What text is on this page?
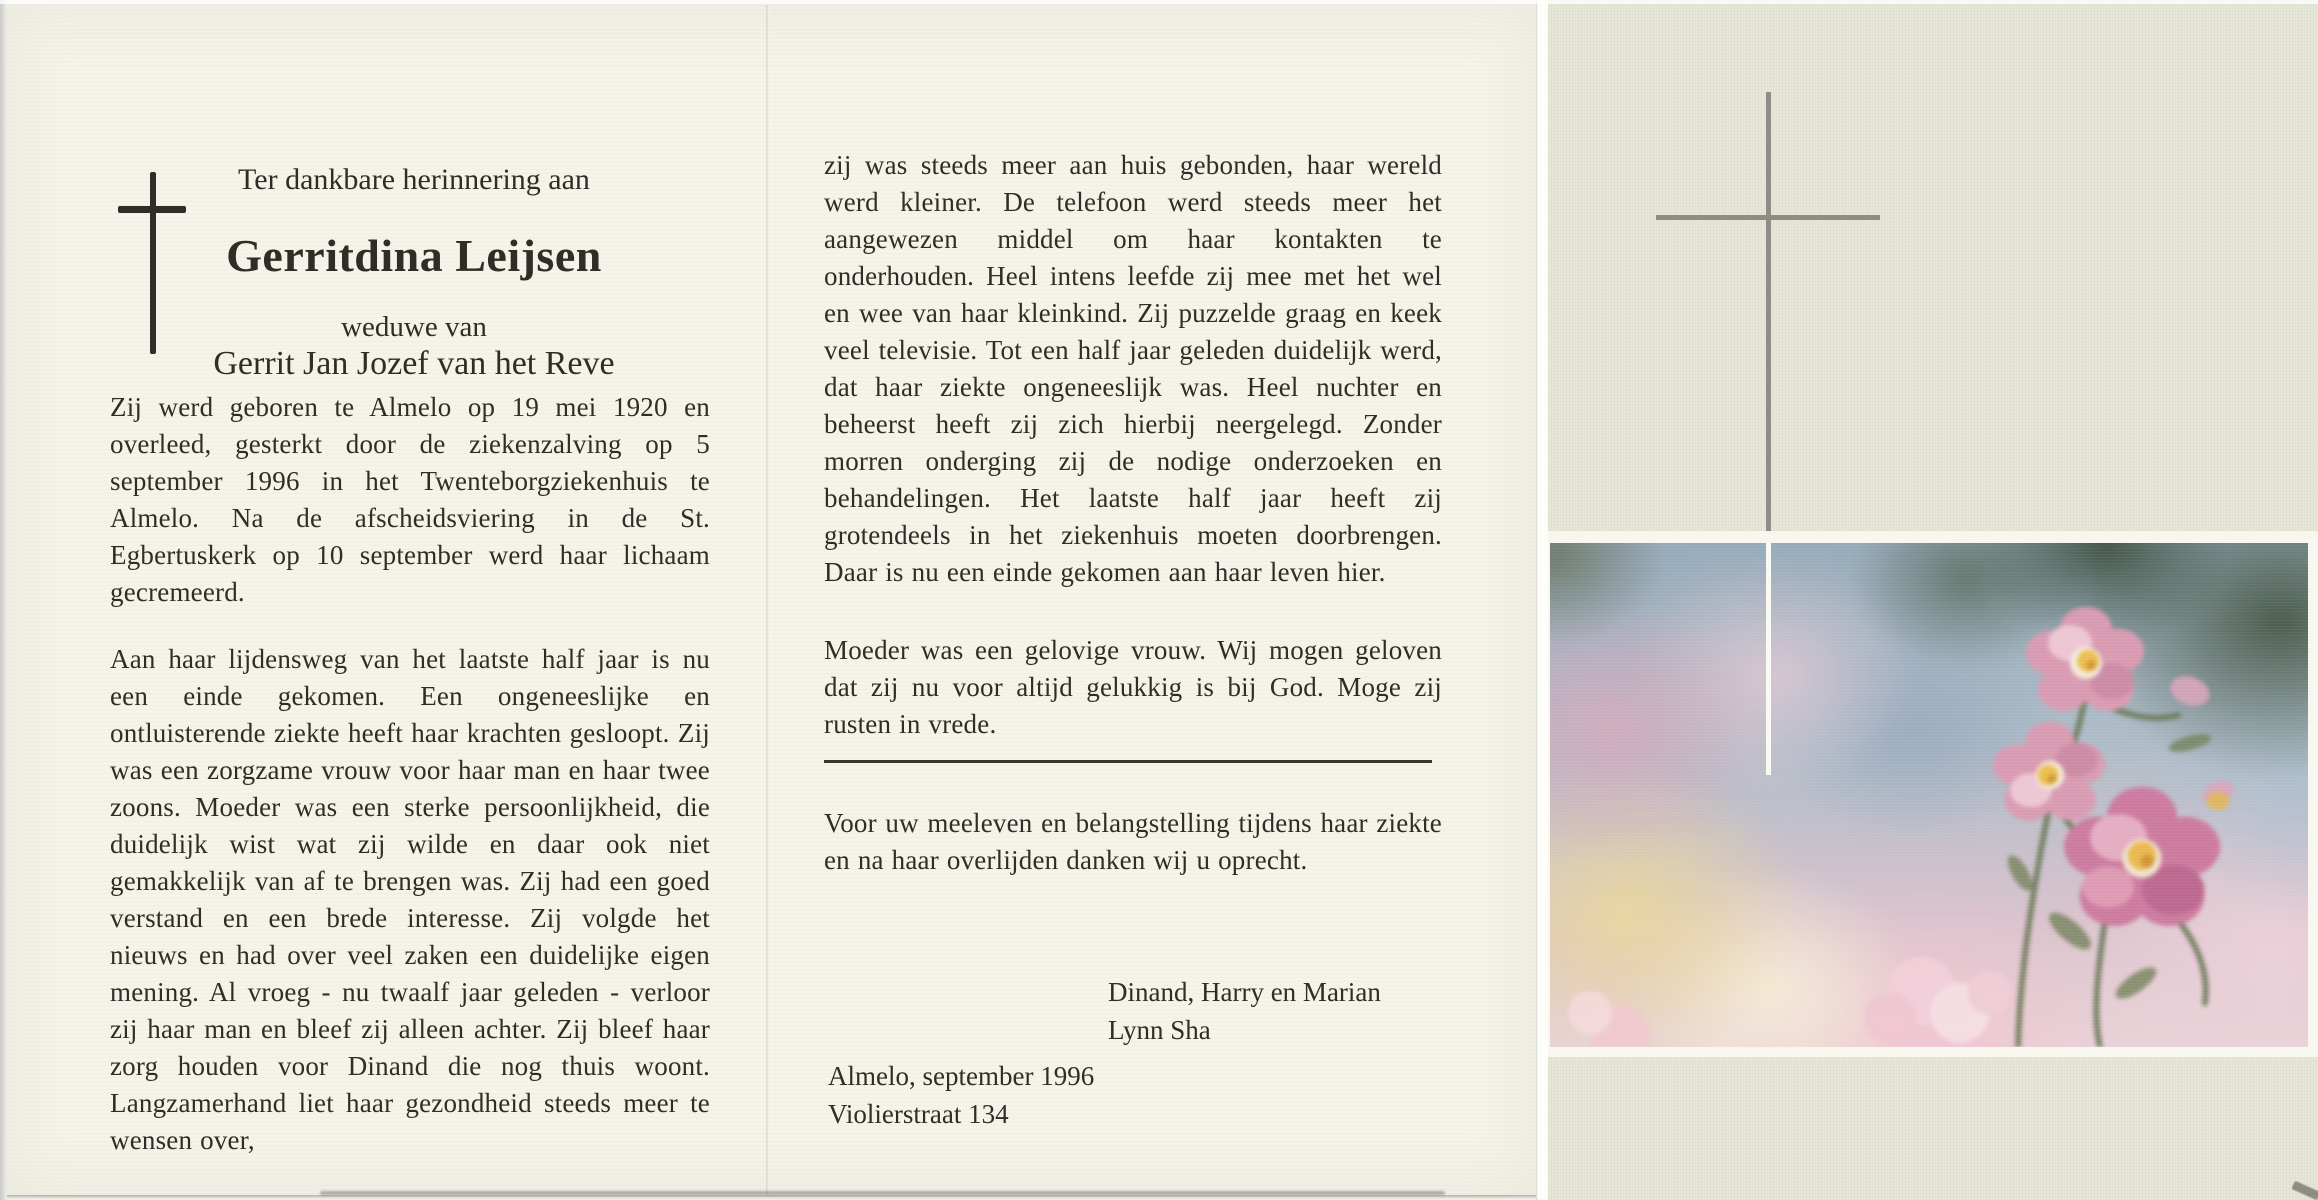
Ter dankbare herinnering aan
Gerritdina Leijsen
weduwe van
Gerrit Jan Jozef van het Reve
Zij werd geboren te Almelo op 19 mei 1920 en overleed, gesterkt door de ziekenzalving op 5 september 1996 in het Twenteborgziekenhuis te Almelo. Na de afscheidsviering in de St. Egbertuskerk op 10 september werd haar lichaam gecremeerd.
Aan haar lijdensweg van het laatste half jaar is nu een einde gekomen. Een ongeneeslijke en ontluisterende ziekte heeft haar krachten gesloopt. Zij was een zorgzame vrouw voor haar man en haar twee zoons. Moeder was een sterke persoonlijkheid, die duidelijk wist wat zij wilde en daar ook niet gemakkelijk van af te brengen was. Zij had een goed verstand en een brede interesse. Zij volgde het nieuws en had over veel zaken een duidelijke eigen mening. Al vroeg - nu twaalf jaar geleden - verloor zij haar man en bleef zij alleen achter. Zij bleef haar zorg houden voor Dinand die nog thuis woont. Langzamerhand liet haar gezondheid steeds meer te wensen over,
zij was steeds meer aan huis gebonden, haar wereld werd kleiner. De telefoon werd steeds meer het aangewezen middel om haar kontakten te onderhouden. Heel intens leefde zij mee met het wel en wee van haar kleinkind. Zij puzzelde graag en keek veel televisie. Tot een half jaar geleden duidelijk werd, dat haar ziekte ongeneeslijk was. Heel nuchter en beheerst heeft zij zich hierbij neergelegd. Zonder morren onderging zij de nodige onderzoeken en behandelingen. Het laatste half jaar heeft zij grotendeels in het ziekenhuis moeten doorbrengen. Daar is nu een einde gekomen aan haar leven hier.
Moeder was een gelovige vrouw. Wij mogen geloven dat zij nu voor altijd gelukkig is bij God. Moge zij rusten in vrede.
Voor uw meeleven en belangstelling tijdens haar ziekte en na haar overlijden danken wij u oprecht.
Dinand, Harry en Marian
Lynn Sha
Almelo, september 1996
Violierstraat 134
